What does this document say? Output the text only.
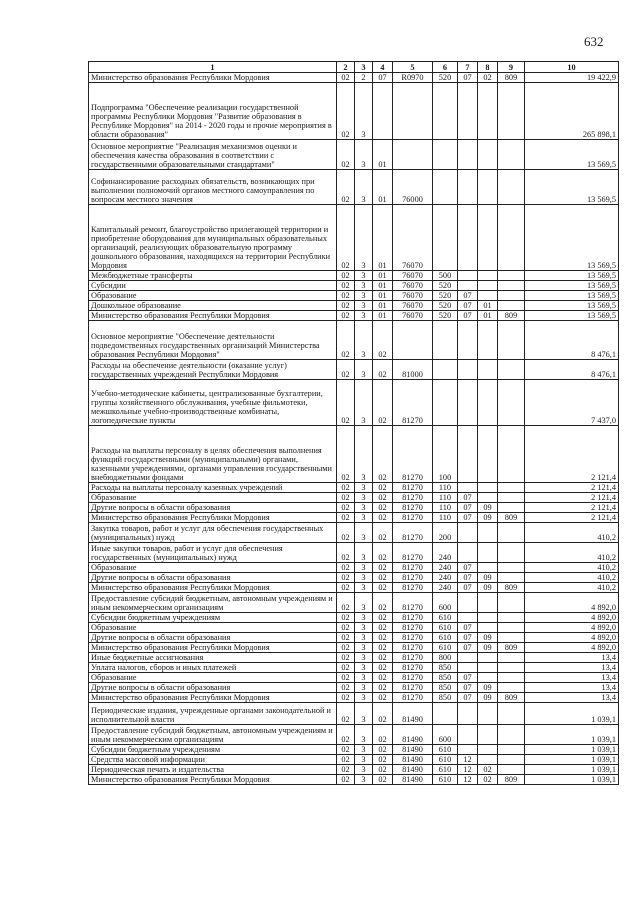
632
1	2	3	4	5	6	7	8	9	10
Министерство образования Республики Мордовия	02	2	07	R0970	520	07	02	809	19 422,9
Подпрограмма "Обеспечение реализации государственной программы Республики Мордовия "Развитие образования в Республике Мордовия" на 2014 - 2020 годы и прочие мероприятия в области образования"	02	3							265 898,1
Основное мероприятие "Реализация механизмов оценки и обеспечения качества образования в соответствии с государственными образовательными стандартами"	02	3	01						13 569,5
Софинансирование расходных обязательств, возникающих при выполнении полномочий органов местного самоуправления по вопросам местного значения	02	3	01	76000					13 569,5
Капитальный ремонт, благоустройство прилегающей территории и приобретение оборудования для муниципальных образовательных организаций, реализующих образовательную программу дошкольного образования, находящихся на территории Республики Мордовия	02	3	01	76070					13 569,5
Межбюджетные трансферты	02	3	01	76070	500				13 569,5
Субсидии	02	3	01	76070	520				13 569,5
Образование	02	3	01	76070	520	07			13 569,5
Дошкольное образование	02	3	01	76070	520	07	01		13 569,5
Министерство образования Республики Мордовия	02	3	01	76070	520	07	01	809	13 569,5
Основное мероприятие "Обеспечение деятельности подведомственных государственных организаций Министерства образования Республики Мордовия"	02	3	02						8 476,1
Расходы на обеспечение деятельности (оказание услуг) государственных учреждений Республики Мордовия	02	3	02	81000					8 476,1
Учебно-методические кабинеты, централизованные бухгалтерии, группы хозяйственного обслуживания, учебные фильмотеки, межшкольные учебно-производственные комбинаты, логопедические пункты	02	3	02	81270					7 437,0
Расходы на выплаты персоналу в целях обеспечения выполнения функций государственными (муниципальными) органами, казенными учреждениями, органами управления государственными внебюджетными фондами	02	3	02	81270	100				2 121,4
Расходы на выплаты персоналу казенных учреждений	02	3	02	81270	110				2 121,4
Образование	02	3	02	81270	110	07			2 121,4
Другие вопросы в области образования	02	3	02	81270	110	07	09		2 121,4
Министерство образования Республики Мордовия	02	3	02	81270	110	07	09	809	2 121,4
Закупка товаров, работ и услуг для обеспечения государственных (муниципальных) нужд	02	3	02	81270	200				410,2
Иные закупки товаров, работ и услуг для обеспечения государственных (муниципальных) нужд	02	3	02	81270	240				410,2
Образование	02	3	02	81270	240	07			410,2
Другие вопросы в области образования	02	3	02	81270	240	07	09		410,2
Министерство образования Республики Мордовия	02	3	02	81270	240	07	09	809	410,2
Предоставление субсидий бюджетным, автономным учреждениям и иным некоммерческим организациям	02	3	02	81270	600				4 892,0
Субсидии бюджетным учреждениям	02	3	02	81270	610				4 892,0
Образование	02	3	02	81270	610	07			4 892,0
Другие вопросы в области образования	02	3	02	81270	610	07	09		4 892,0
Министерство образования Республики Мордовия	02	3	02	81270	610	07	09	809	4 892,0
Иные бюджетные ассигнования	02	3	02	81270	800				13,4
Уплата налогов, сборов и иных платежей	02	3	02	81270	850				13,4
Образование	02	3	02	81270	850	07			13,4
Другие вопросы в области образования	02	3	02	81270	850	07	09		13,4
Министерство образования Республики Мордовия	02	3	02	81270	850	07	09	809	13,4
Периодические издания, учрежденные органами законодательной и исполнительной власти	02	3	02	81490					1 039,1
Предоставление субсидий бюджетным, автономным учреждениям и иным некоммерческим организациям	02	3	02	81490	600				1 039,1
Субсидии бюджетным учреждениям	02	3	02	81490	610				1 039,1
Средства массовой информации	02	3	02	81490	610	12			1 039,1
Периодическая печать и издательства	02	3	02	81490	610	12	02		1 039,1
Министерство образования Республики Мордовия	02	3	02	81490	610	12	02	809	1 039,1
